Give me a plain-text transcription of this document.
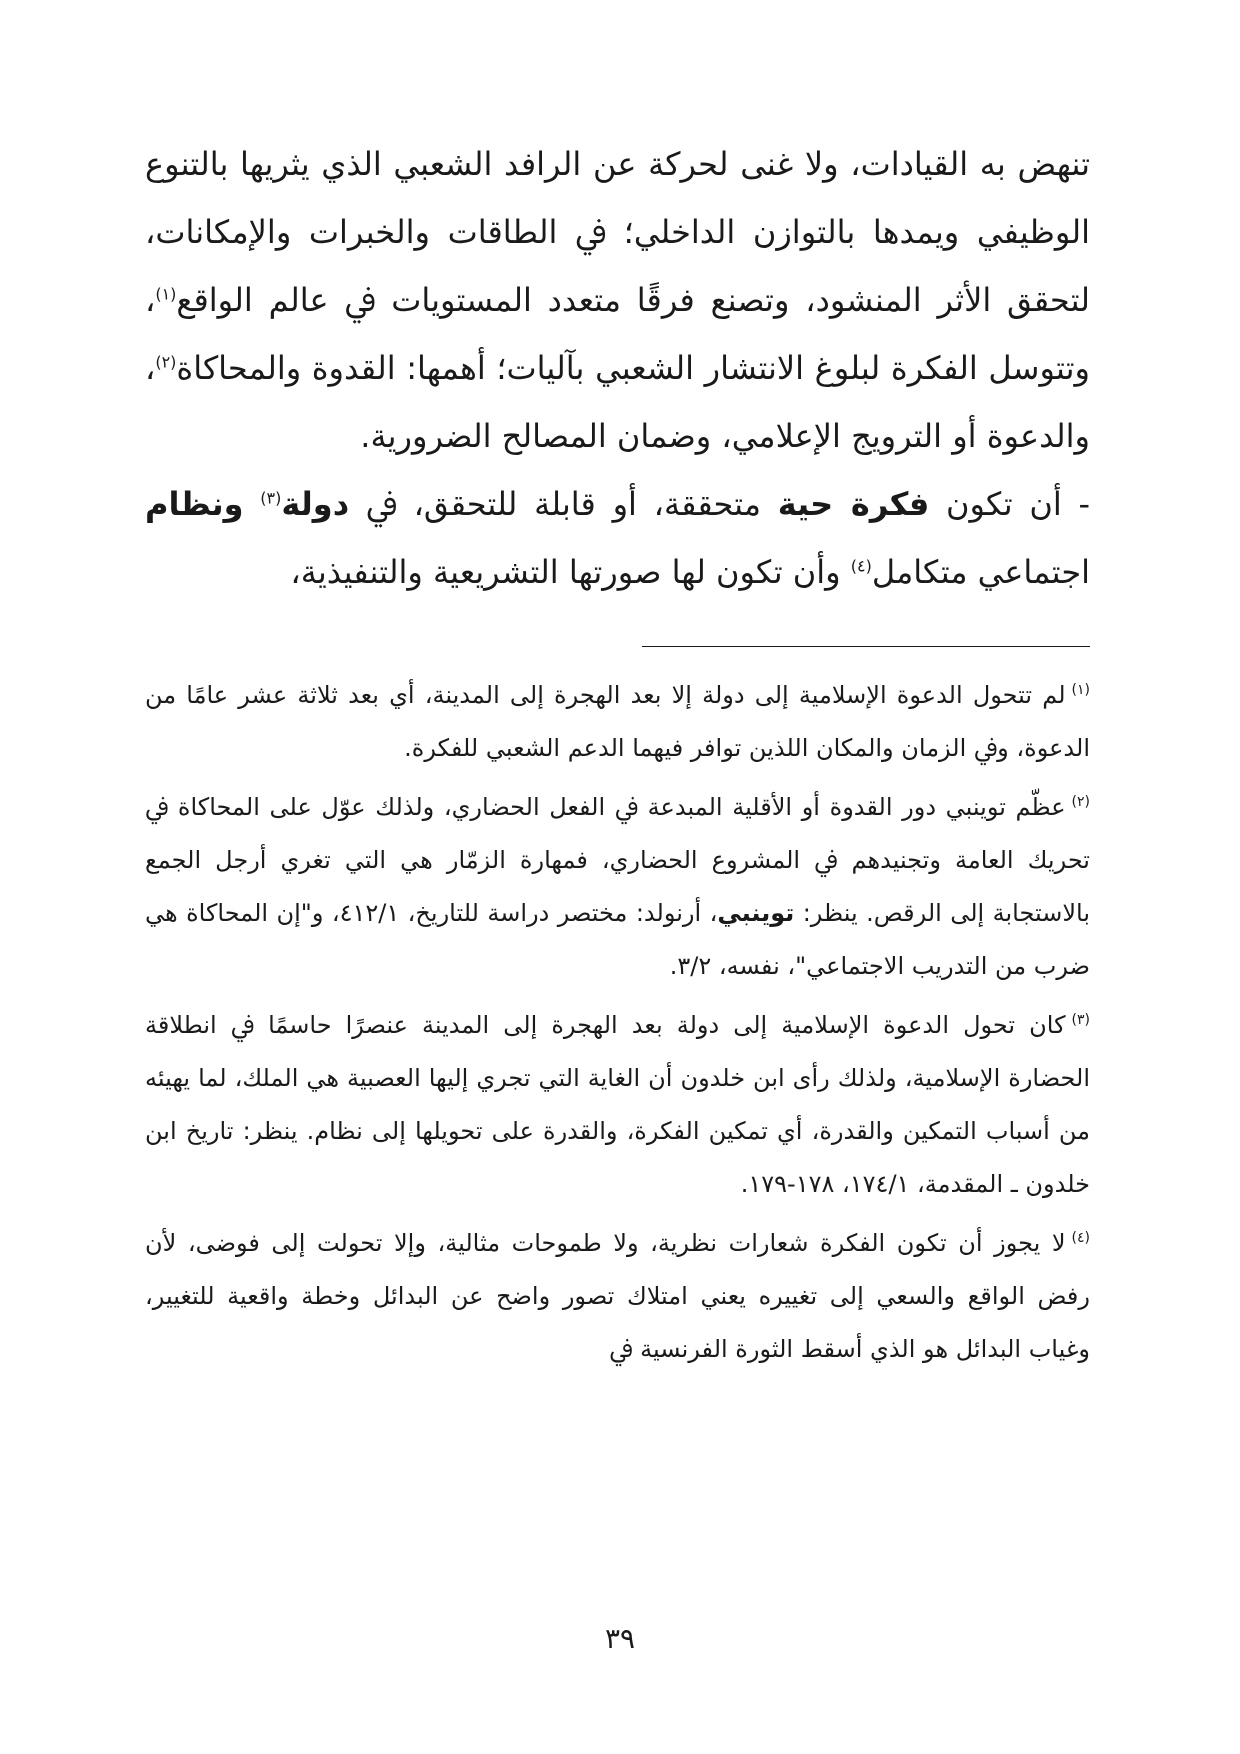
تنهض به القيادات، ولا غنى لحركة عن الرافد الشعبي الذي يثريها بالتنوع الوظيفي ويمدها بالتوازن الداخلي؛ ﰲ الطاقات والخبرات والإمكانات، لتحقق الأثر المنشود، وتصنع فرقًا متعدد المستويات ﰲ عالم الواقع$^{(١)}$، وتتوسل الفكرة لبلوغ الانتشار الشعبي بآليات؛ أهمها: القدوة والمحاكاة$^{(٢)}$، والدعوة أو الترويج الإعلامي، وضمان المصالح الضرورية.

- أن تكون فكرة حية متحققة، أو قابلة للتحقق، ﰲ دولة$^{(٣)}$ ونظام اجتماعي متكامل$^{(٤)}$ وأن تكون لها صورتها التشريعية والتنفيذية،

$^{(١)}$لم تتحول الدعوة الإسلامية إلى دولة إلا بعد الهجرة إلى المدينة، أي بعد ثلاثة عشر عامًا من الدعوة، وﰲ الزمان والمكان اللذين توافر فيهما الدعم الشعبي للفكرة.

$^{(٢)}$عظّم توينبي دور القدوة أو الأقلية المبدعة ﰲ الفعل الحضاري، ولذلك عوّل على المحاكاة ﰲ تحريك العامة وتجنيدهم ﰲ المشروع الحضاري، فمهارة الزمّار هي التي تغري أرجل الجمع بالاستجابة إلى الرقص. ينظر: توينبي، أرنولد: مختصر دراسة للتاريخ، ٤١٢/١، و"إن المحاكاة هي ضرب من التدريب الاجتماعي"، نفسه، ٣/٢.

$^{(٣)}$كان تحول الدعوة الإسلامية إلى دولة بعد الهجرة إلى المدينة عنصرًا حاسمًا ﰲ انطلاقة الحضارة الإسلامية، ولذلك رأى ابن خلدون أن الغاية التي تجري إليها العصبية هي الملك، لما يهيئه من أسباب التمكين والقدرة، أي تمكين الفكرة، والقدرة على تحويلها إلى نظام. ينظر: تاريخ ابن خلدون ـ المقدمة، ١٧٤/١، ١٧٨-١٧٩.

$^{(٤)}$لا يجوز أن تكون الفكرة شعارات نظرية، ولا طموحات مثالية، وإلا تحولت إلى فوضى، لأن رفض الواقع والسعي إلى تغييره يعني امتلاك تصور واضح عن البدائل وخطة واقعية للتغيير، وغياب البدائل هو الذي أسقط الثورة الفرنسية ﰲ

٣٩
